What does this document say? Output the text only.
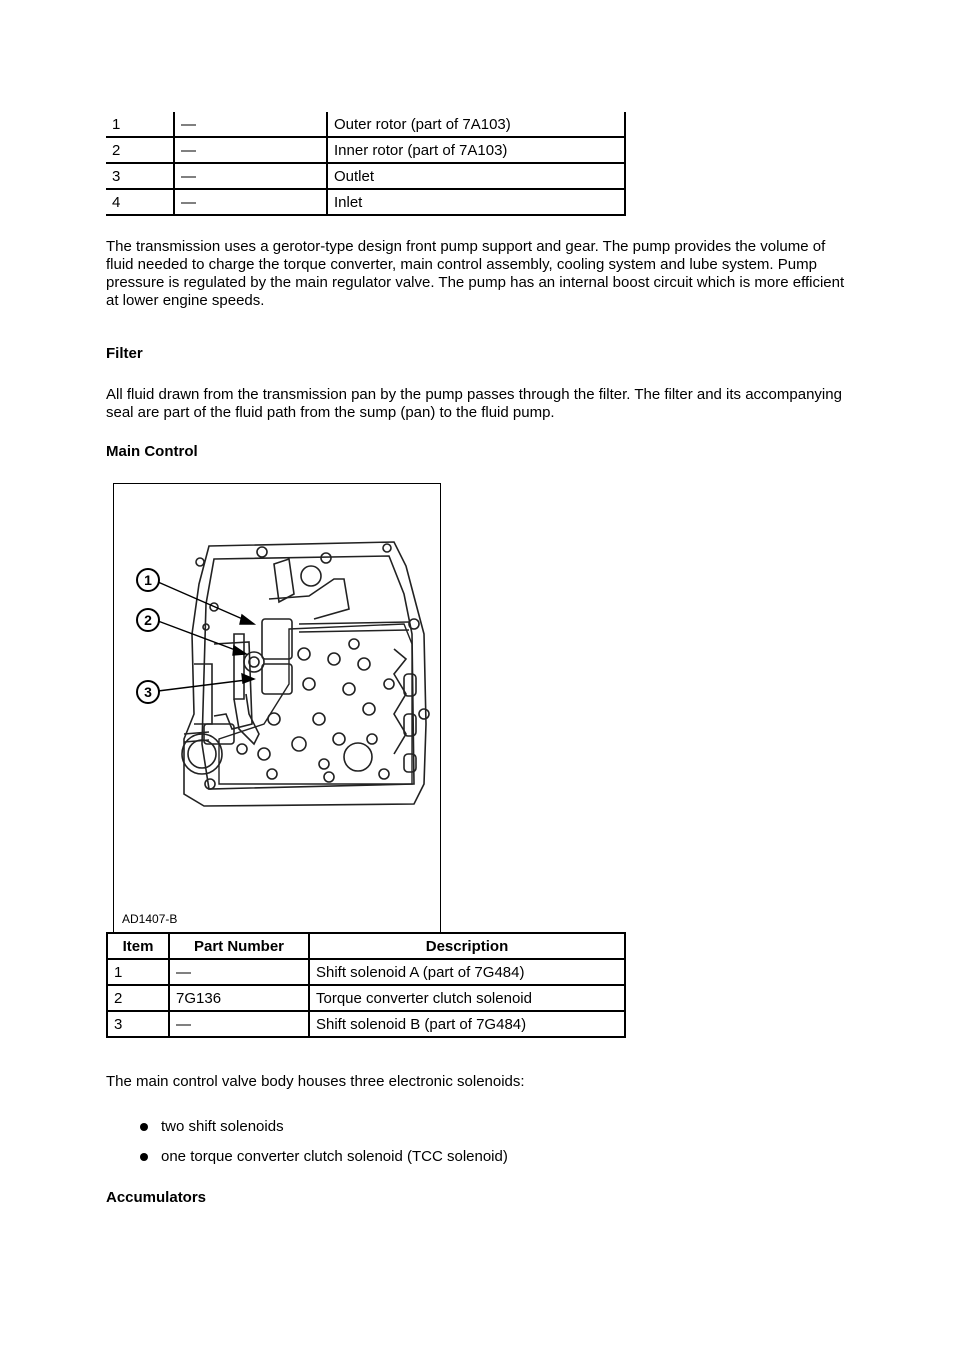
1	—	Outer rotor (part of 7A103)
2	—	Inner rotor (part of 7A103)
3	—	Outlet
4	—	Inlet

The transmission uses a gerotor-type design front pump support and gear. The pump provides the volume of fluid needed to charge the torque converter, main control assembly, cooling system and lube system. Pump pressure is regulated by the main regulator valve. The pump has an internal boost circuit which is more efficient at lower engine speeds.

Filter

All fluid drawn from the transmission pan by the pump passes through the filter. The filter and its accompanying seal are part of the fluid path from the sump (pan) to the fluid pump.

Main Control
1
2
3
AD1407-B
Item	Part Number	Description
1	—	Shift solenoid A (part of 7G484)
2	7G136	Torque converter clutch solenoid
3	—	Shift solenoid B (part of 7G484)

The main control valve body houses three electronic solenoids:

two shift solenoids
one torque converter clutch solenoid (TCC solenoid)
Accumulators
